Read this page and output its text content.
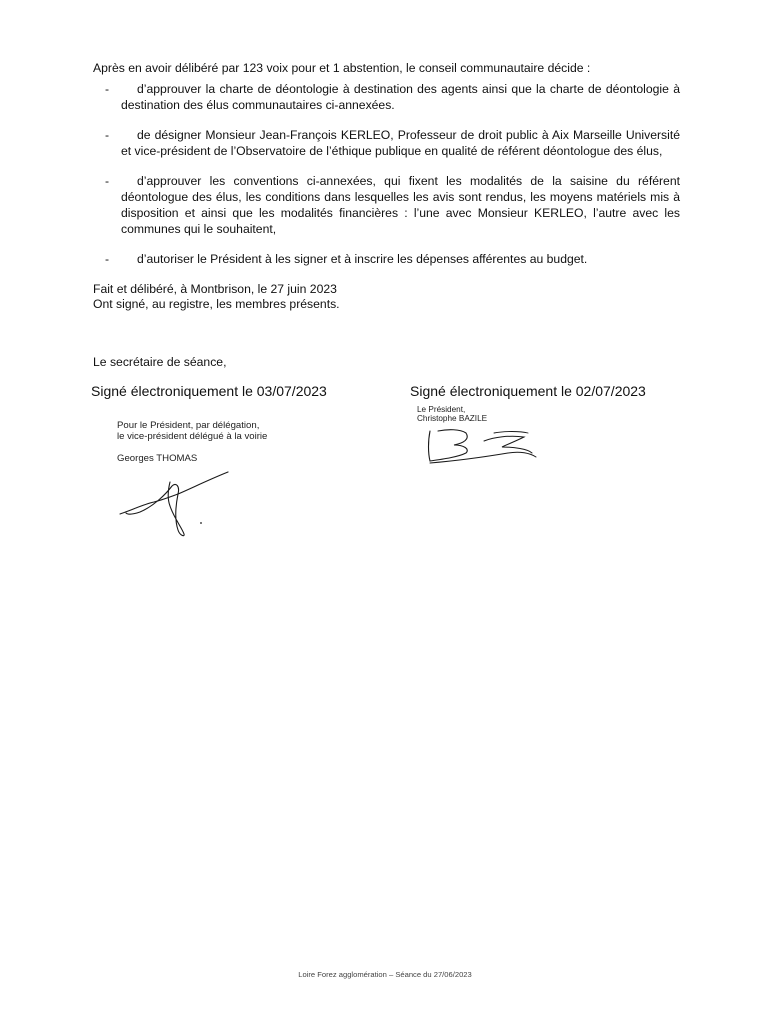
Après en avoir délibéré par 123 voix pour et 1 abstention, le conseil communautaire décide :
-	d’approuver la charte de déontologie à destination des agents ainsi que la charte de déontologie à destination des élus communautaires ci-annexées.
-	de désigner Monsieur Jean-François KERLEO, Professeur de droit public à Aix Marseille Université et vice-président de l’Observatoire de l’éthique publique en qualité de référent déontologue des élus,
-	d’approuver les conventions ci-annexées, qui fixent les modalités de la saisine du référent déontologue des élus, les conditions dans lesquelles les avis sont rendus, les moyens matériels mis à disposition et ainsi que les modalités financières : l’une avec Monsieur KERLEO, l’autre avec les communes qui le souhaitent,
-	d’autoriser le Président à les signer et à inscrire les dépenses afférentes au budget.
Fait et délibéré, à Montbrison, le 27 juin 2023
Ont signé, au registre, les membres présents.
Le secrétaire de séance,
Signé électroniquement le 03/07/2023	Signé électroniquement le 02/07/2023
Pour le Président, par délégation,
le vice-président délégué à la voirie
Georges THOMAS
Le Président,
Christophe BAZILE
Loire Forez agglomération – Séance du 27/06/2023
